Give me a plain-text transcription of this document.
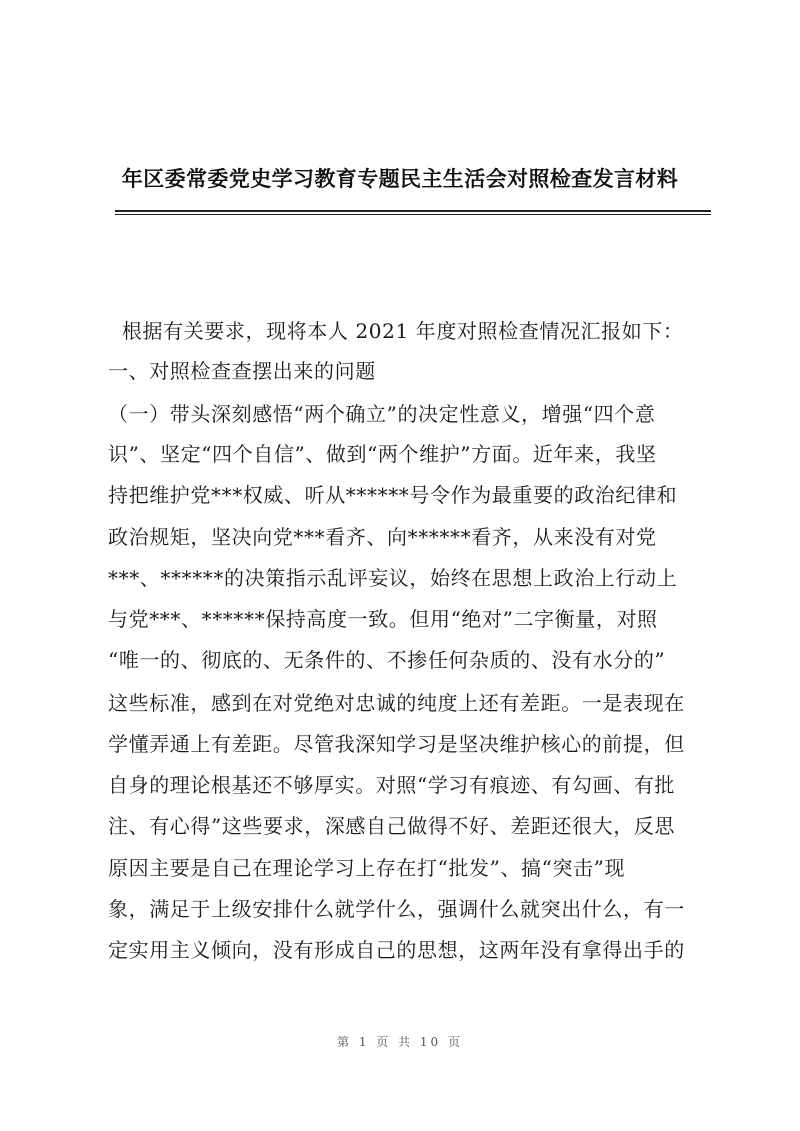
年区委常委党史学习教育专题民主生活会对照检查发言材料
根据有关要求，现将本人 2021 年度对照检查情况汇报如下：
一、对照检查查摆出来的问题
（一）带头深刻感悟“两个确立”的决定性意义，增强“四个意
识”、坚定“四个自信”、做到“两个维护”方面。近年来，我坚
持把维护党***权威、听从******号令作为最重要的政治纪律和
政治规矩，坚决向党***看齐、向******看齐，从来没有对党
***、******的决策指示乱评妄议，始终在思想上政治上行动上
与党***、******保持高度一致。但用“绝对”二字衡量，对照
“唯一的、彻底的、无条件的、不掺任何杂质的、没有水分的”
这些标准，感到在对党绝对忠诚的纯度上还有差距。一是表现在
学懂弄通上有差距。尽管我深知学习是坚决维护核心的前提，但
自身的理论根基还不够厚实。对照“学习有痕迹、有勾画、有批
注、有心得”这些要求，深感自己做得不好、差距还很大，反思
原因主要是自己在理论学习上存在打“批发”、搞“突击”现
象，满足于上级安排什么就学什么，强调什么就突出什么，有一
定实用主义倾向，没有形成自己的思想，这两年没有拿得出手的
第 1 页 共 10 页
